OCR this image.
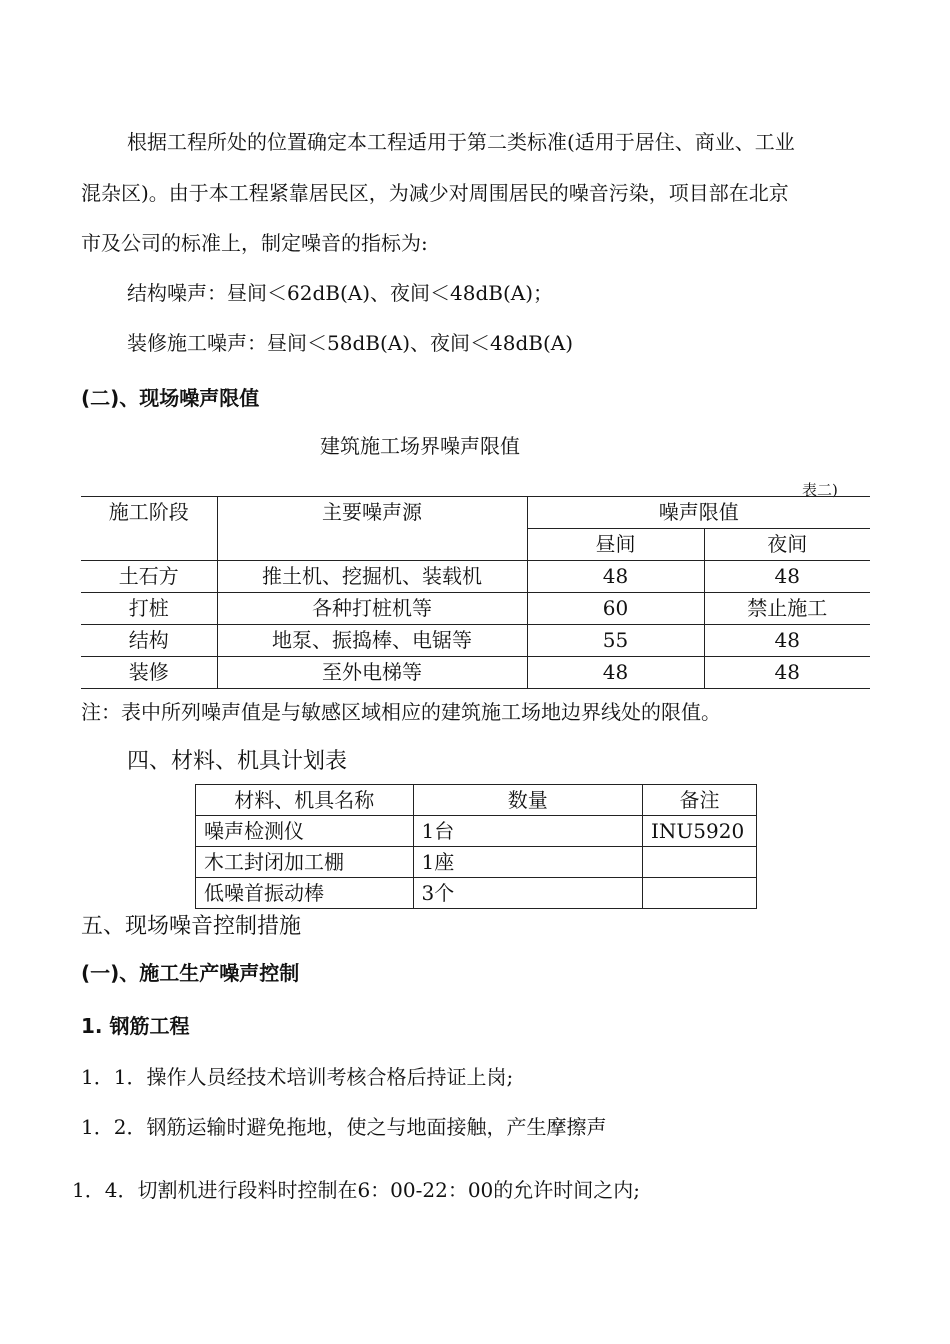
根据工程所处的位置确定本工程适用于第二类标准(适用于居住、商业、工业
混杂区)。由于本工程紧靠居民区，为减少对周围居民的噪音污染，项目部在北京
市及公司的标准上，制定噪音的指标为:
结构噪声：昼间＜62dB(A)、夜间＜48dB(A)；
装修施工噪声：昼间＜58dB(A)、夜间＜48dB(A)
(二)、现场噪声限值
建筑施工场界噪声限值
表二)
施工阶段	主要噪声源	噪声限值	
		昼间	夜间
土石方	推土机、挖掘机、装载机	48	48
打桩	各种打桩机等	60	禁止施工
结构	地泵、振捣棒、电锯等	55	48
装修	至外电梯等	48	48
注：表中所列噪声值是与敏感区域相应的建筑施工场地边界线处的限值。
四、材料、机具计划表
材料、机具名称	数量	备注
噪声检测仪	1台	INU5920
木工封闭加工棚	1座	
低噪首振动棒	3个	
五、现场噪音控制措施
(一)、施工生产噪声控制
1. 钢筋工程
1．1．操作人员经技术培训考核合格后持证上岗;
1．2．钢筋运输时避免拖地，使之与地面接触，产生摩擦声
1．4．切割机进行段料时控制在6：00-22：00的允许时间之内;
